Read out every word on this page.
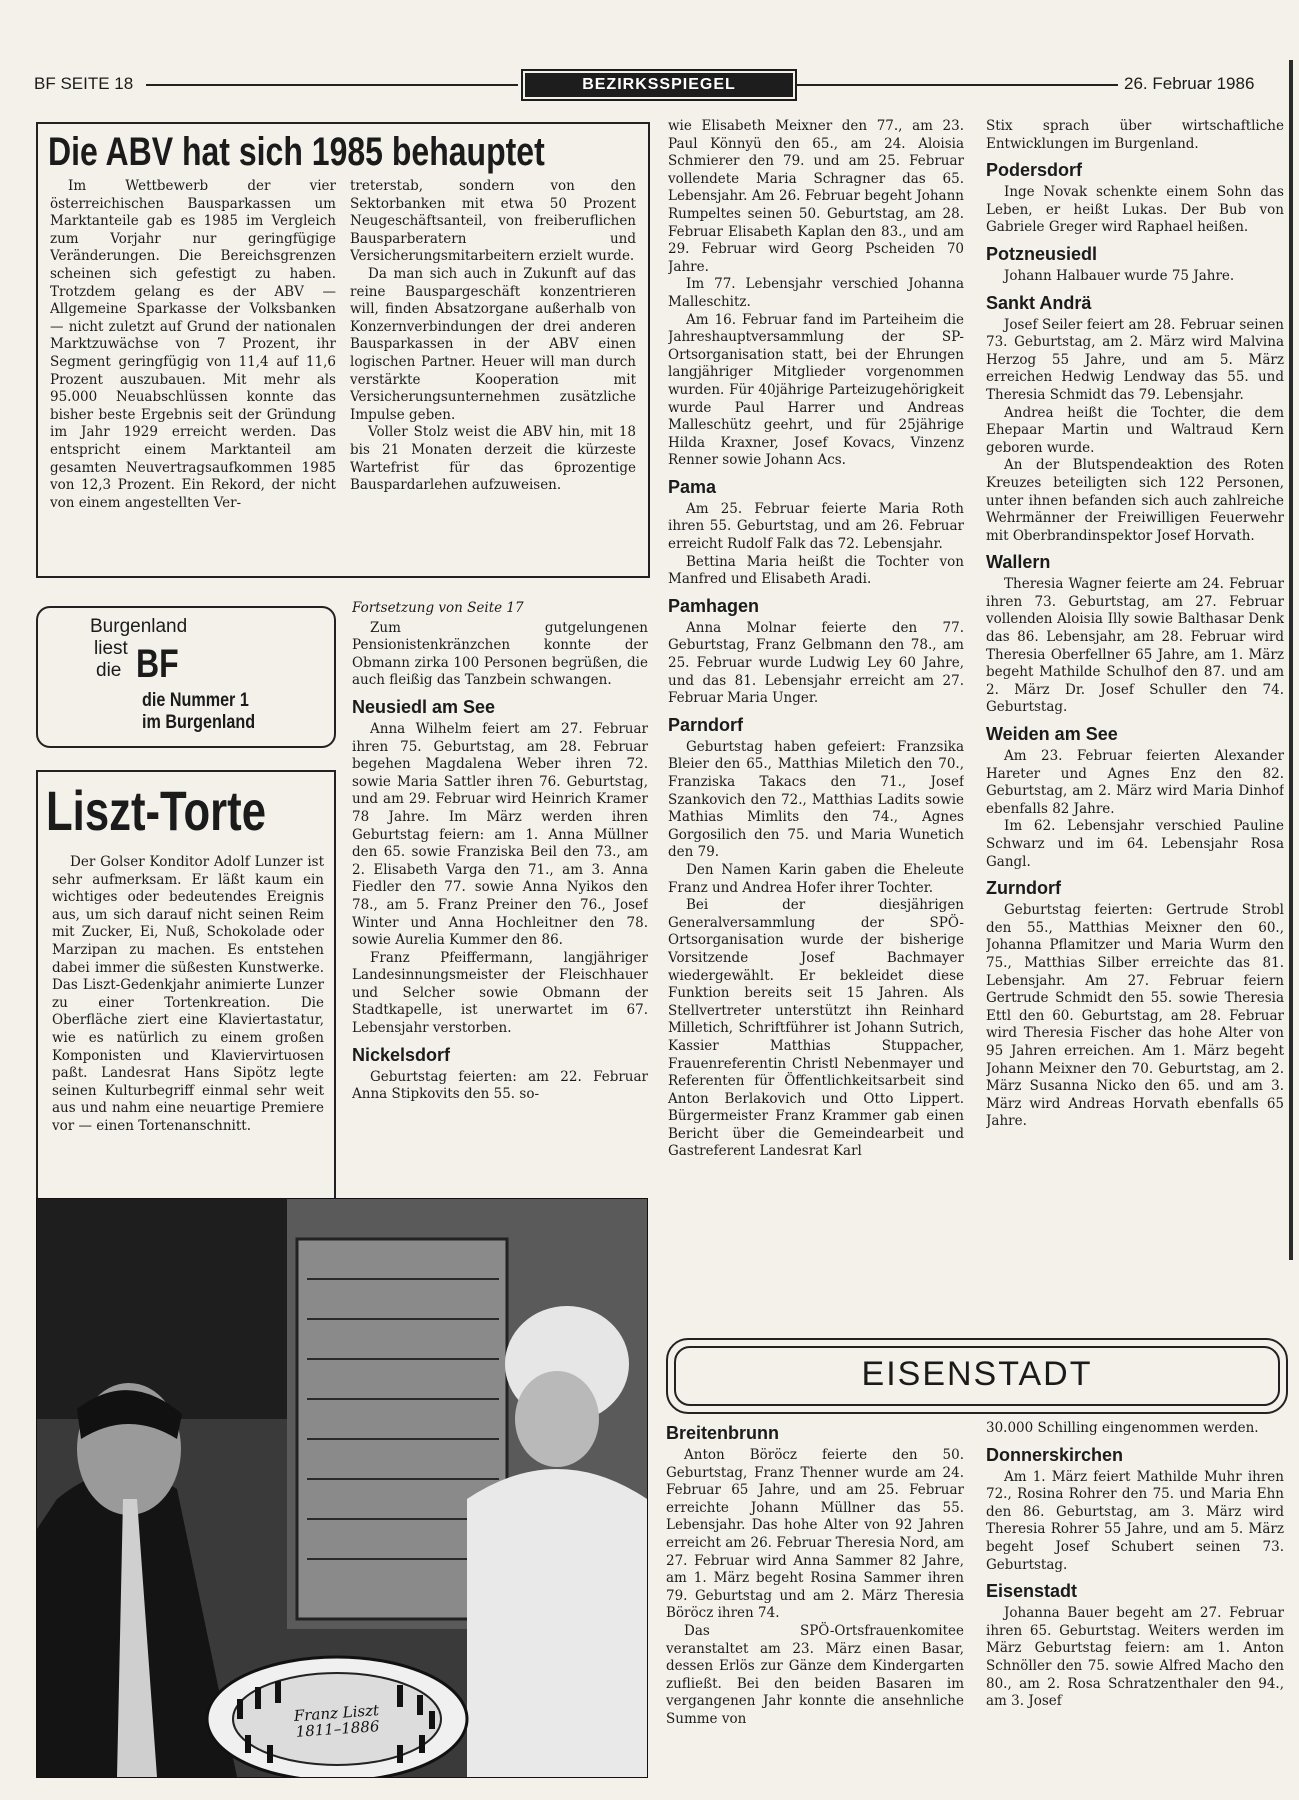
BF SEITE 18	BEZIRKSSPIEGEL	26. Februar 1986
Die ABV hat sich 1985 behauptet

Im Wettbewerb der vier österreichischen Bausparkassen um Marktanteile gab es 1985 im Vergleich zum Vorjahr nur geringfügige Veränderungen. Die Bereichsgrenzen scheinen sich gefestigt zu haben. Trotzdem gelang es der ABV — Allgemeine Sparkasse der Volksbanken — nicht zuletzt auf Grund der nationalen Marktzuwächse von 7 Prozent, ihr Segment geringfügig von 11,4 auf 11,6 Prozent auszubauen. Mit mehr als 95.000 Neuabschlüssen konnte das bisher beste Ergebnis seit der Gründung im Jahr 1929 erreicht werden. Das entspricht einem Marktanteil am gesamten Neuvertragsaufkommen 1985 von 12,3 Prozent. Ein Rekord, der nicht von einem angestellten Ver-

treterstab, sondern von den Sektorbanken mit etwa 50 Prozent Neugeschäftsanteil, von freiberuflichen Bausparberatern und Versicherungsmitarbeitern erzielt wurde.

Da man sich auch in Zukunft auf das reine Bauspargeschäft konzentrieren will, finden Absatzorgane außerhalb von Konzernverbindungen der drei anderen Bausparkassen in der ABV einen logischen Partner. Heuer will man durch verstärkte Kooperation mit Versicherungsunternehmen zusätzliche Impulse geben.

Voller Stolz weist die ABV hin, mit 18 bis 21 Monaten derzeit die kürzeste Wartefrist für das 6prozentige Bauspardarlehen aufzuweisen.

Burgenland
liest
die BF
die Nummer 1
im Burgenland
Liszt-Torte

Der Golser Konditor Adolf Lunzer ist sehr aufmerksam. Er läßt kaum ein wichtiges oder bedeutendes Ereignis aus, um sich darauf nicht seinen Reim mit Zucker, Ei, Nuß, Schokolade oder Marzipan zu machen. Es entstehen dabei immer die süßesten Kunstwerke. Das Liszt-Gedenkjahr animierte Lunzer zu einer Tortenkreation. Die Oberfläche ziert eine Klaviertastatur, wie es natürlich zu einem großen Komponisten und Klaviervirtuosen paßt. Landesrat Hans Sipötz legte seinen Kulturbegriff einmal sehr weit aus und nahm eine neuartige Premiere vor — einen Tortenanschnitt.

Franz Liszt 1811–1886
Fortsetzung von Seite 17

Zum gutgelungenen Pensionistenkränzchen konnte der Obmann zirka 100 Personen begrüßen, die auch fleißig das Tanzbein schwangen.

Neusiedl am See

Anna Wilhelm feiert am 27. Februar ihren 75. Geburtstag, am 28. Februar begehen Magdalena Weber ihren 72. sowie Maria Sattler ihren 76. Geburtstag, und am 29. Februar wird Heinrich Kramer 78 Jahre. Im März werden ihren Geburtstag feiern: am 1. Anna Müllner den 65. sowie Franziska Beil den 73., am 2. Elisabeth Varga den 71., am 3. Anna Fiedler den 77. sowie Anna Nyikos den 78., am 5. Franz Preiner den 76., Josef Winter und Anna Hochleitner den 78. sowie Aurelia Kummer den 86.

Franz Pfeiffermann, langjähriger Landesinnungsmeister der Fleischhauer und Selcher sowie Obmann der Stadtkapelle, ist unerwartet im 67. Lebensjahr verstorben.

Nickelsdorf

Geburtstag feierten: am 22. Februar Anna Stipkovits den 55. so-

wie Elisabeth Meixner den 77., am 23. Paul Könnyü den 65., am 24. Aloisia Schmierer den 79. und am 25. Februar vollendete Maria Schragner das 65. Lebensjahr. Am 26. Februar begeht Johann Rumpeltes seinen 50. Geburtstag, am 28. Februar Elisabeth Kaplan den 83., und am 29. Februar wird Georg Pscheiden 70 Jahre.

Im 77. Lebensjahr verschied Johanna Malleschitz.

Am 16. Februar fand im Parteiheim die Jahreshauptversammlung der SP-Ortsorganisation statt, bei der Ehrungen langjähriger Mitglieder vorgenommen wurden. Für 40jährige Parteizugehörigkeit wurde Paul Harrer und Andreas Malleschütz geehrt, und für 25jährige Hilda Kraxner, Josef Kovacs, Vinzenz Renner sowie Johann Acs.

Pama

Am 25. Februar feierte Maria Roth ihren 55. Geburtstag, und am 26. Februar erreicht Rudolf Falk das 72. Lebensjahr.

Bettina Maria heißt die Tochter von Manfred und Elisabeth Aradi.

Pamhagen

Anna Molnar feierte den 77. Geburtstag, Franz Gelbmann den 78., am 25. Februar wurde Ludwig Ley 60 Jahre, und das 81. Lebensjahr erreicht am 27. Februar Maria Unger.

Parndorf

Geburtstag haben gefeiert: Franzsika Bleier den 65., Matthias Miletich den 70., Franziska Takacs den 71., Josef Szankovich den 72., Matthias Ladits sowie Mathias Mimlits den 74., Agnes Gorgosilich den 75. und Maria Wunetich den 79.

Den Namen Karin gaben die Eheleute Franz und Andrea Hofer ihrer Tochter.

Bei der diesjährigen Generalversammlung der SPÖ-Ortsorganisation wurde der bisherige Vorsitzende Josef Bachmayer wiedergewählt. Er bekleidet diese Funktion bereits seit 15 Jahren. Als Stellvertreter unterstützt ihn Reinhard Milletich, Schriftführer ist Johann Sutrich, Kassier Matthias Stuppacher, Frauenreferentin Christl Nebenmayer und Referenten für Öffentlichkeitsarbeit sind Anton Berlakovich und Otto Lippert. Bürgermeister Franz Krammer gab einen Bericht über die Gemeindearbeit und Gastreferent Landesrat Karl

Stix sprach über wirtschaftliche Entwicklungen im Burgenland.

Podersdorf

Inge Novak schenkte einem Sohn das Leben, er heißt Lukas. Der Bub von Gabriele Greger wird Raphael heißen.

Potzneusiedl

Johann Halbauer wurde 75 Jahre.

Sankt Andrä

Josef Seiler feiert am 28. Februar seinen 73. Geburtstag, am 2. März wird Malvina Herzog 55 Jahre, und am 5. März erreichen Hedwig Lendway das 55. und Theresia Schmidt das 79. Lebensjahr.

Andrea heißt die Tochter, die dem Ehepaar Martin und Waltraud Kern geboren wurde.

An der Blutspendeaktion des Roten Kreuzes beteiligten sich 122 Personen, unter ihnen befanden sich auch zahlreiche Wehrmänner der Freiwilligen Feuerwehr mit Oberbrandinspektor Josef Horvath.

Wallern

Theresia Wagner feierte am 24. Februar ihren 73. Geburtstag, am 27. Februar vollenden Aloisia Illy sowie Balthasar Denk das 86. Lebensjahr, am 28. Februar wird Theresia Oberfellner 65 Jahre, am 1. März begeht Mathilde Schulhof den 87. und am 2. März Dr. Josef Schuller den 74. Geburtstag.

Weiden am See

Am 23. Februar feierten Alexander Hareter und Agnes Enz den 82. Geburtstag, am 2. März wird Maria Dinhof ebenfalls 82 Jahre.

Im 62. Lebensjahr verschied Pauline Schwarz und im 64. Lebensjahr Rosa Gangl.

Zurndorf

Geburtstag feierten: Gertrude Strobl den 55., Matthias Meixner den 60., Johanna Pflamitzer und Maria Wurm den 75., Matthias Silber erreichte das 81. Lebensjahr. Am 27. Februar feiern Gertrude Schmidt den 55. sowie Theresia Ettl den 60. Geburtstag, am 28. Februar wird Theresia Fischer das hohe Alter von 95 Jahren erreichen. Am 1. März begeht Johann Meixner den 70. Geburtstag, am 2. März Susanna Nicko den 65. und am 3. März wird Andreas Horvath ebenfalls 65 Jahre.

EISENSTADT
Breitenbrunn

Anton Böröcz feierte den 50. Geburtstag, Franz Thenner wurde am 24. Februar 65 Jahre, und am 25. Februar erreichte Johann Müllner das 55. Lebensjahr. Das hohe Alter von 92 Jahren erreicht am 26. Februar Theresia Nord, am 27. Februar wird Anna Sammer 82 Jahre, am 1. März begeht Rosina Sammer ihren 79. Geburtstag und am 2. März Theresia Böröcz ihren 74.

Das SPÖ-Ortsfrauenkomitee veranstaltet am 23. März einen Basar, dessen Erlös zur Gänze dem Kindergarten zufließt. Bei den beiden Basaren im vergangenen Jahr konnte die ansehnliche Summe von

30.000 Schilling eingenommen werden.

Donnerskirchen

Am 1. März feiert Mathilde Muhr ihren 72., Rosina Rohrer den 75. und Maria Ehn den 86. Geburtstag, am 3. März wird Theresia Rohrer 55 Jahre, und am 5. März begeht Josef Schubert seinen 73. Geburtstag.

Eisenstadt

Johanna Bauer begeht am 27. Februar ihren 65. Geburtstag. Weiters werden im März Geburtstag feiern: am 1. Anton Schnöller den 75. sowie Alfred Macho den 80., am 2. Rosa Schratzenthaler den 94., am 3. Josef
